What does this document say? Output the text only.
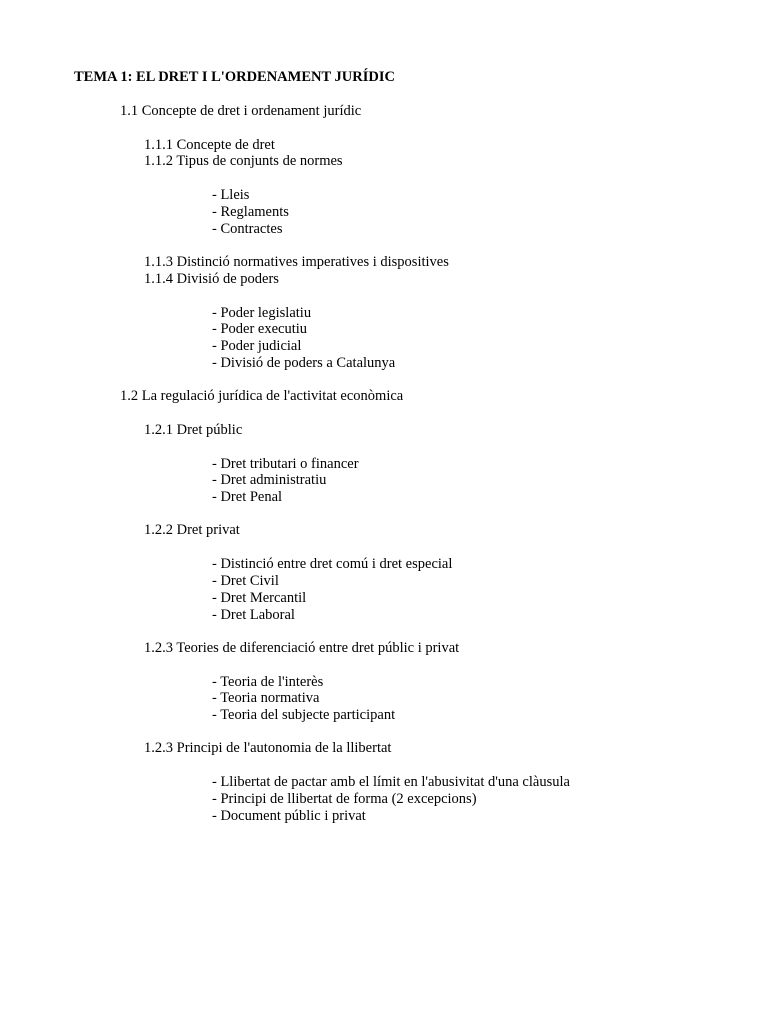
TEMA 1: EL DRET I L'ORDENAMENT JURÍDIC
1.1 Concepte de dret i ordenament jurídic
1.1.1 Concepte de dret
1.1.2 Tipus de conjunts de normes
- Lleis
- Reglaments
- Contractes
1.1.3 Distinció normatives imperatives i dispositives
1.1.4 Divisió de poders
- Poder legislatiu
- Poder executiu
- Poder judicial
- Divisió de poders a Catalunya
1.2 La regulació jurídica de l'activitat econòmica
1.2.1 Dret públic
- Dret tributari o financer
- Dret administratiu
- Dret Penal
1.2.2 Dret privat
- Distinció entre dret comú i dret especial
- Dret Civil
- Dret Mercantil
- Dret Laboral
1.2.3 Teories de diferenciació entre dret públic i privat
- Teoria de l'interès
- Teoria normativa
- Teoria del subjecte participant
1.2.3 Principi de l'autonomia de la llibertat
- Llibertat de pactar amb el límit en l'abusivitat d'una clàusula
- Principi de llibertat de forma (2 excepcions)
- Document públic i privat
